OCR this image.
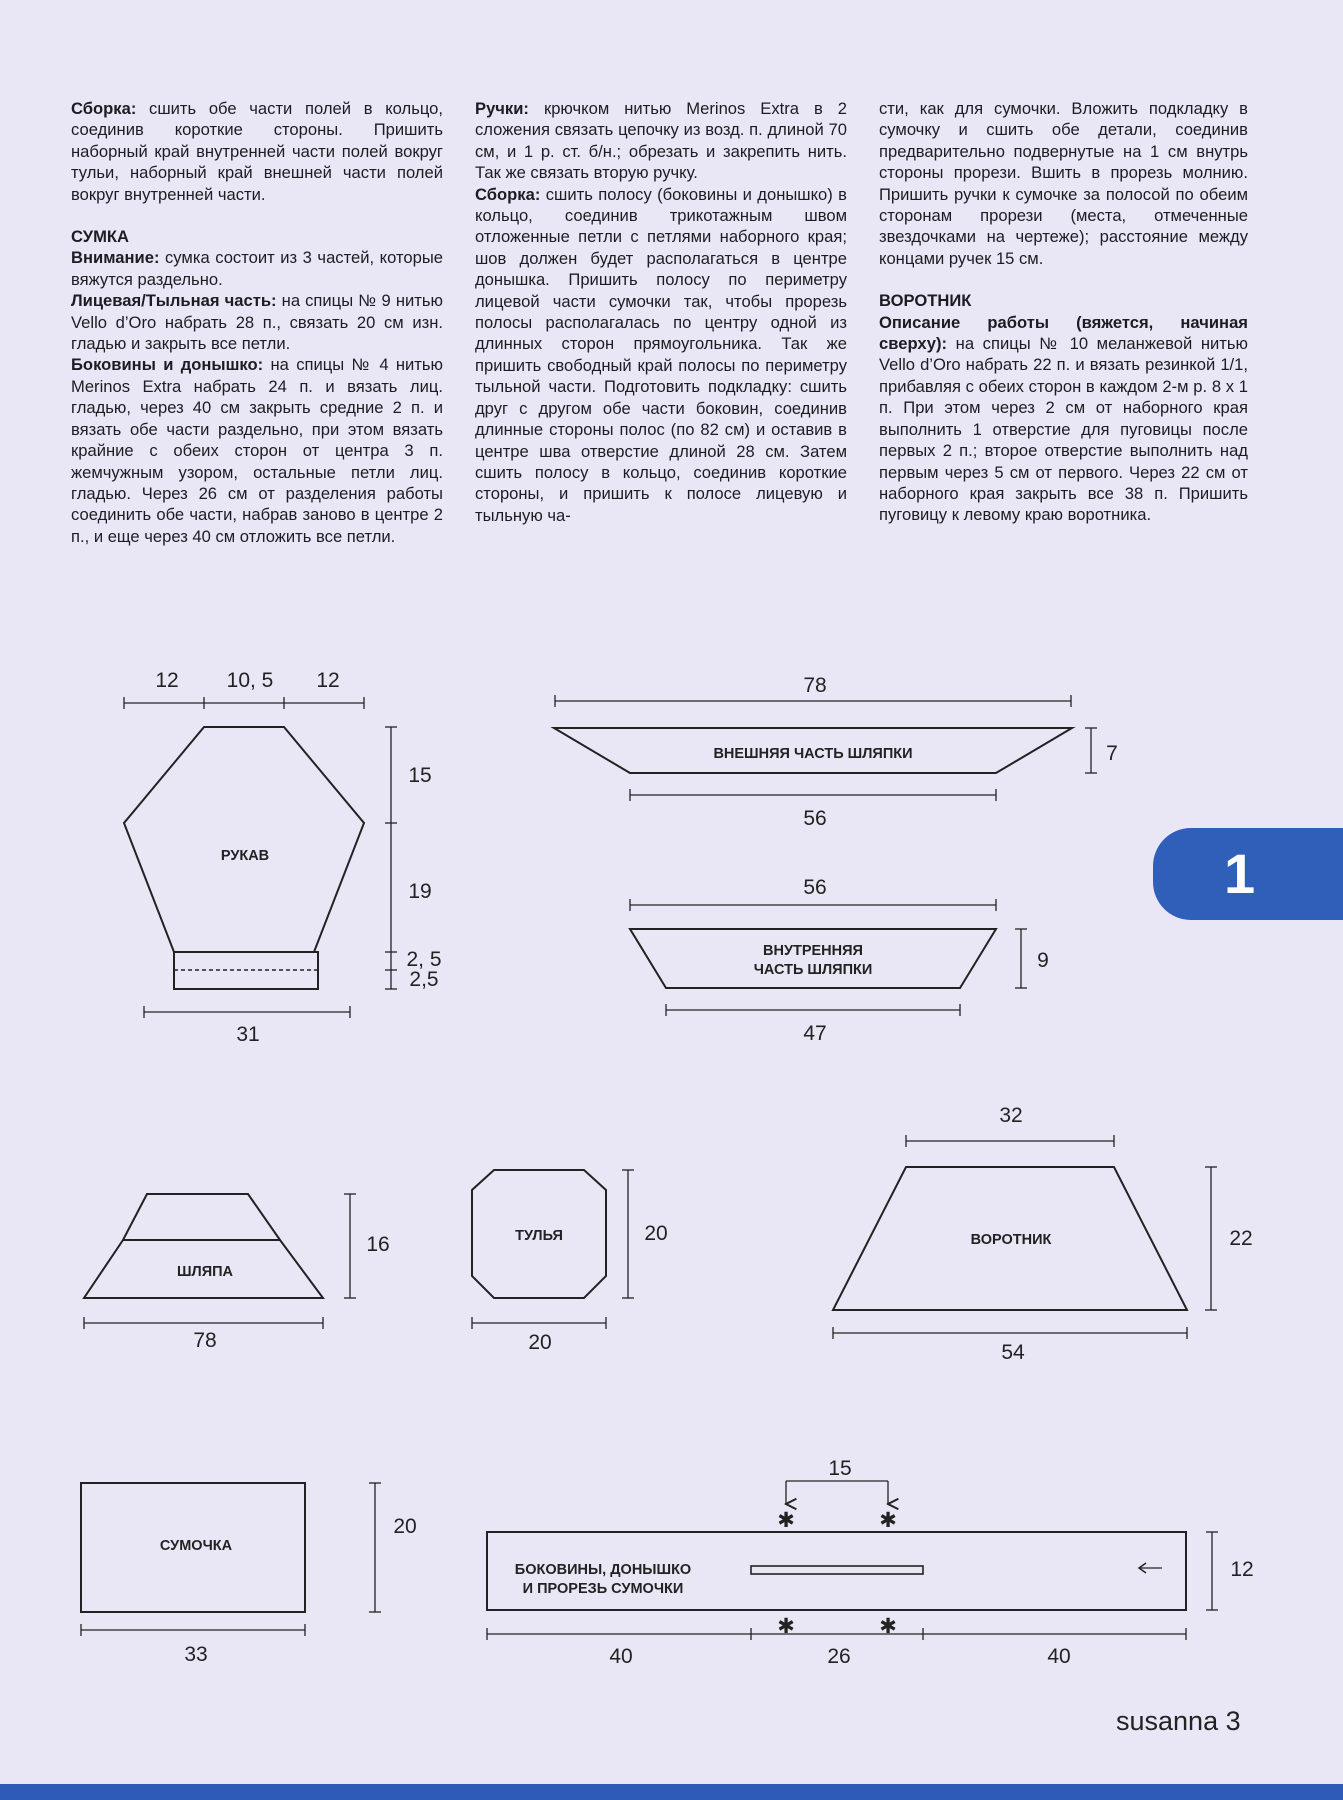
Сборка: сшить обе части полей в кольцо, соединив короткие стороны. Пришить наборный край внутренней части полей вокруг тульи, наборный край внешней части полей вокруг внутренней части.

СУМКА

Внимание: сумка состоит из 3 частей, которые вяжутся раздельно.

Лицевая/Тыльная часть: на спицы № 9 нитью Vello d’Oro набрать 28 п., связать 20 см изн. гладью и закрыть все петли.

Боковины и донышко: на спицы № 4 нитью Merinos Extra набрать 24 п. и вязать лиц. гладью, через 40 см закрыть средние 2 п. и вязать обе части раздельно, при этом вязать крайние с обеих сторон от центра 3 п. жемчужным узором, остальные петли лиц. гладью. Через 26 см от разделения работы соединить обе части, набрав заново в центре 2 п., и еще через 40 см отложить все петли.

Ручки: крючком нитью Merinos Extra в 2 сложения связать цепочку из возд. п. длиной 70 см, и 1 р. ст. б/н.; обрезать и закрепить нить. Так же связать вторую ручку.

Сборка: сшить полосу (боковины и донышко) в кольцо, соединив трикотажным швом отложенные петли с петлями наборного края; шов должен будет располагаться в центре донышка. Пришить полосу по периметру лицевой части сумочки так, чтобы прорезь полосы располагалась по центру одной из длинных сторон прямоугольника. Так же пришить свободный край полосы по периметру тыльной части. Подготовить подкладку: сшить друг с другом обе части боковин, соединив длинные стороны полос (по 82 см) и оставив в центре шва отверстие длиной 28 см. Затем сшить полосу в кольцо, соединив короткие стороны, и пришить к полосе лицевую и тыльную ча-

сти, как для сумочки. Вложить подкладку в сумочку и сшить обе детали, соединив предварительно подвернутые на 1 см внутрь стороны прорези. Вшить в прорезь молнию. Пришить ручки к сумочке за полосой по обеим сторонам прорези (места, отмеченные звездочками на чертеже); расстояние между концами ручек 15 см.

ВОРОТНИК

Описание работы (вяжется, начиная сверху): на спицы № 10 меланжевой нитью Vello d’Oro набрать 22 п. и вязать резинкой 1/1, прибавляя с обеих сторон в каждом 2-м р. 8 x 1 п. При этом через 2 см от наборного края выполнить 1 отверстие для пуговицы после первых 2 п.; второе отверстие выполнить над первым через 5 см от первого. Через 22 см от наборного края закрыть все 38 п. Пришить пуговицу к левому краю воротника.

12 10, 5 12
РУКАВ
15
19
2, 5
2,5
31
78
ВНЕШНЯЯ ЧАСТЬ ШЛЯПКИ	7
56
56
ВНУТРЕННЯЯ
ЧАСТЬ ШЛЯПКИ	9
47
ШЛЯПА
16
78
ТУЛЬЯ	20
20
32
ВОРОТНИК	22
54
СУМОЧКА
20
33
15
✱	✱
БОКОВИНЫ, ДОНЫШКО
И ПРОРЕЗЬ СУМОЧКИ
✱	✱
12
40	26	40
1
susanna 3
